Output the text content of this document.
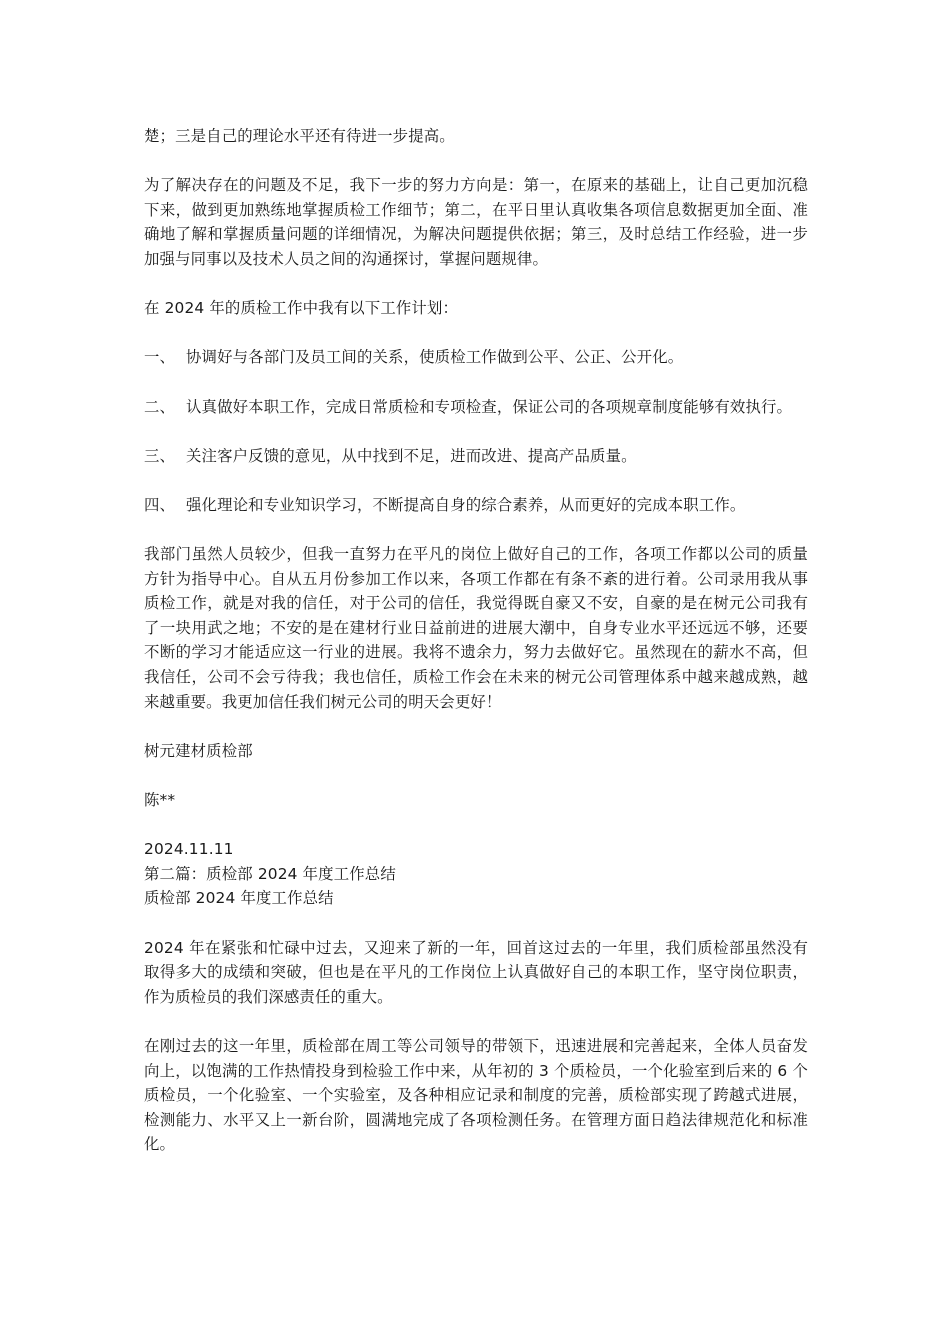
楚；三是自己的理论水平还有待进一步提高。

为了解决存在的问题及不足，我下一步的努力方向是：第一，在原来的基础上，让自己更加沉稳下来，做到更加熟练地掌握质检工作细节；第二，在平日里认真收集各项信息数据更加全面、准确地了解和掌握质量问题的详细情况，为解决问题提供依据；第三，及时总结工作经验，进一步加强与同事以及技术人员之间的沟通探讨，掌握问题规律。

在 2024 年的质检工作中我有以下工作计划：

一、 协调好与各部门及员工间的关系，使质检工作做到公平、公正、公开化。
二、 认真做好本职工作，完成日常质检和专项检查，保证公司的各项规章制度能够有效执行。
三、 关注客户反馈的意见，从中找到不足，进而改进、提高产品质量。
四、 强化理论和专业知识学习，不断提高自身的综合素养，从而更好的完成本职工作。

我部门虽然人员较少，但我一直努力在平凡的岗位上做好自己的工作，各项工作都以公司的质量方针为指导中心。自从五月份参加工作以来，各项工作都在有条不紊的进行着。公司录用我从事质检工作，就是对我的信任，对于公司的信任，我觉得既自豪又不安，自豪的是在树元公司我有了一块用武之地；不安的是在建材行业日益前进的进展大潮中，自身专业水平还远远不够，还要不断的学习才能适应这一行业的进展。我将不遗余力，努力去做好它。虽然现在的薪水不高，但我信任，公司不会亏待我；我也信任，质检工作会在未来的树元公司管理体系中越来越成熟，越来越重要。我更加信任我们树元公司的明天会更好！

树元建材质检部

陈**

2024.11.11

第二篇：质检部 2024 年度工作总结

质检部 2024 年度工作总结

2024 年在紧张和忙碌中过去，又迎来了新的一年，回首这过去的一年里，我们质检部虽然没有取得多大的成绩和突破，但也是在平凡的工作岗位上认真做好自己的本职工作，坚守岗位职责，作为质检员的我们深感责任的重大。

在刚过去的这一年里，质检部在周工等公司领导的带领下，迅速进展和完善起来，全体人员奋发向上，以饱满的工作热情投身到检验工作中来，从年初的 3 个质检员，一个化验室到后来的 6 个质检员，一个化验室、一个实验室，及各种相应记录和制度的完善，质检部实现了跨越式进展，检测能力、水平又上一新台阶，圆满地完成了各项检测任务。在管理方面日趋法律规范化和标准化。
